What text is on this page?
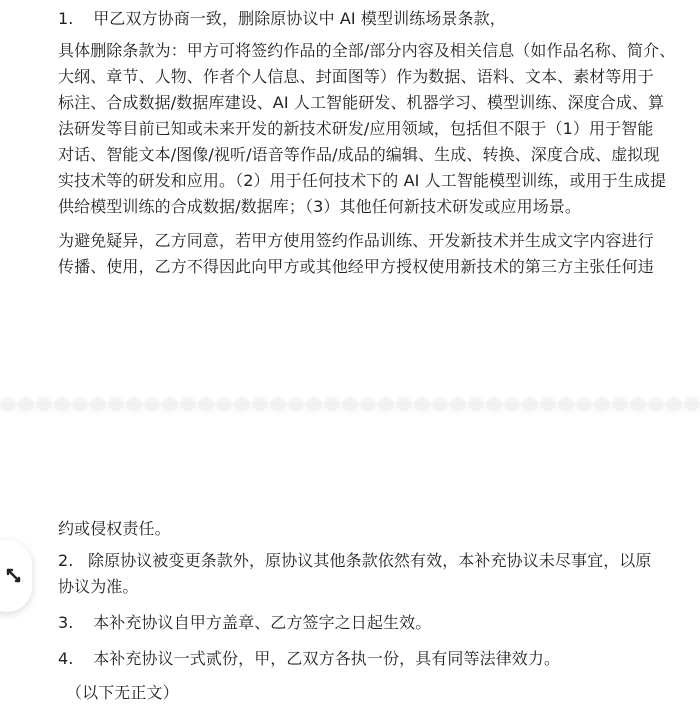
1. 甲乙双方协商一致，删除原协议中 AI 模型训练场景条款，
具体删除条款为：甲方可将签约作品的全部/部分内容及相关信息（如作品名称、简介、
大纲、章节、人物、作者个人信息、封面图等）作为数据、语料、文本、素材等用于
标注、合成数据/数据库建设、AI 人工智能研发、机器学习、模型训练、深度合成、算
法研发等目前已知或未来开发的新技术研发/应用领域，包括但不限于（1）用于智能
对话、智能文本/图像/视听/语音等作品/成品的编辑、生成、转换、深度合成、虚拟现
实技术等的研发和应用。（2）用于任何技术下的 AI 人工智能模型训练，或用于生成提
供给模型训练的合成数据/数据库；（3）其他任何新技术研发或应用场景。
为避免疑异，乙方同意，若甲方使用签约作品训练、开发新技术并生成文字内容进行
传播、使用，乙方不得因此向甲方或其他经甲方授权使用新技术的第三方主张任何违
约或侵权责任。
2. 除原协议被变更条款外，原协议其他条款依然有效，本补充协议未尽事宜，以原
协议为准。
3. 本补充协议自甲方盖章、乙方签字之日起生效。
4. 本补充协议一式贰份，甲，乙双方各执一份，具有同等法律效力。
（以下无正文）
